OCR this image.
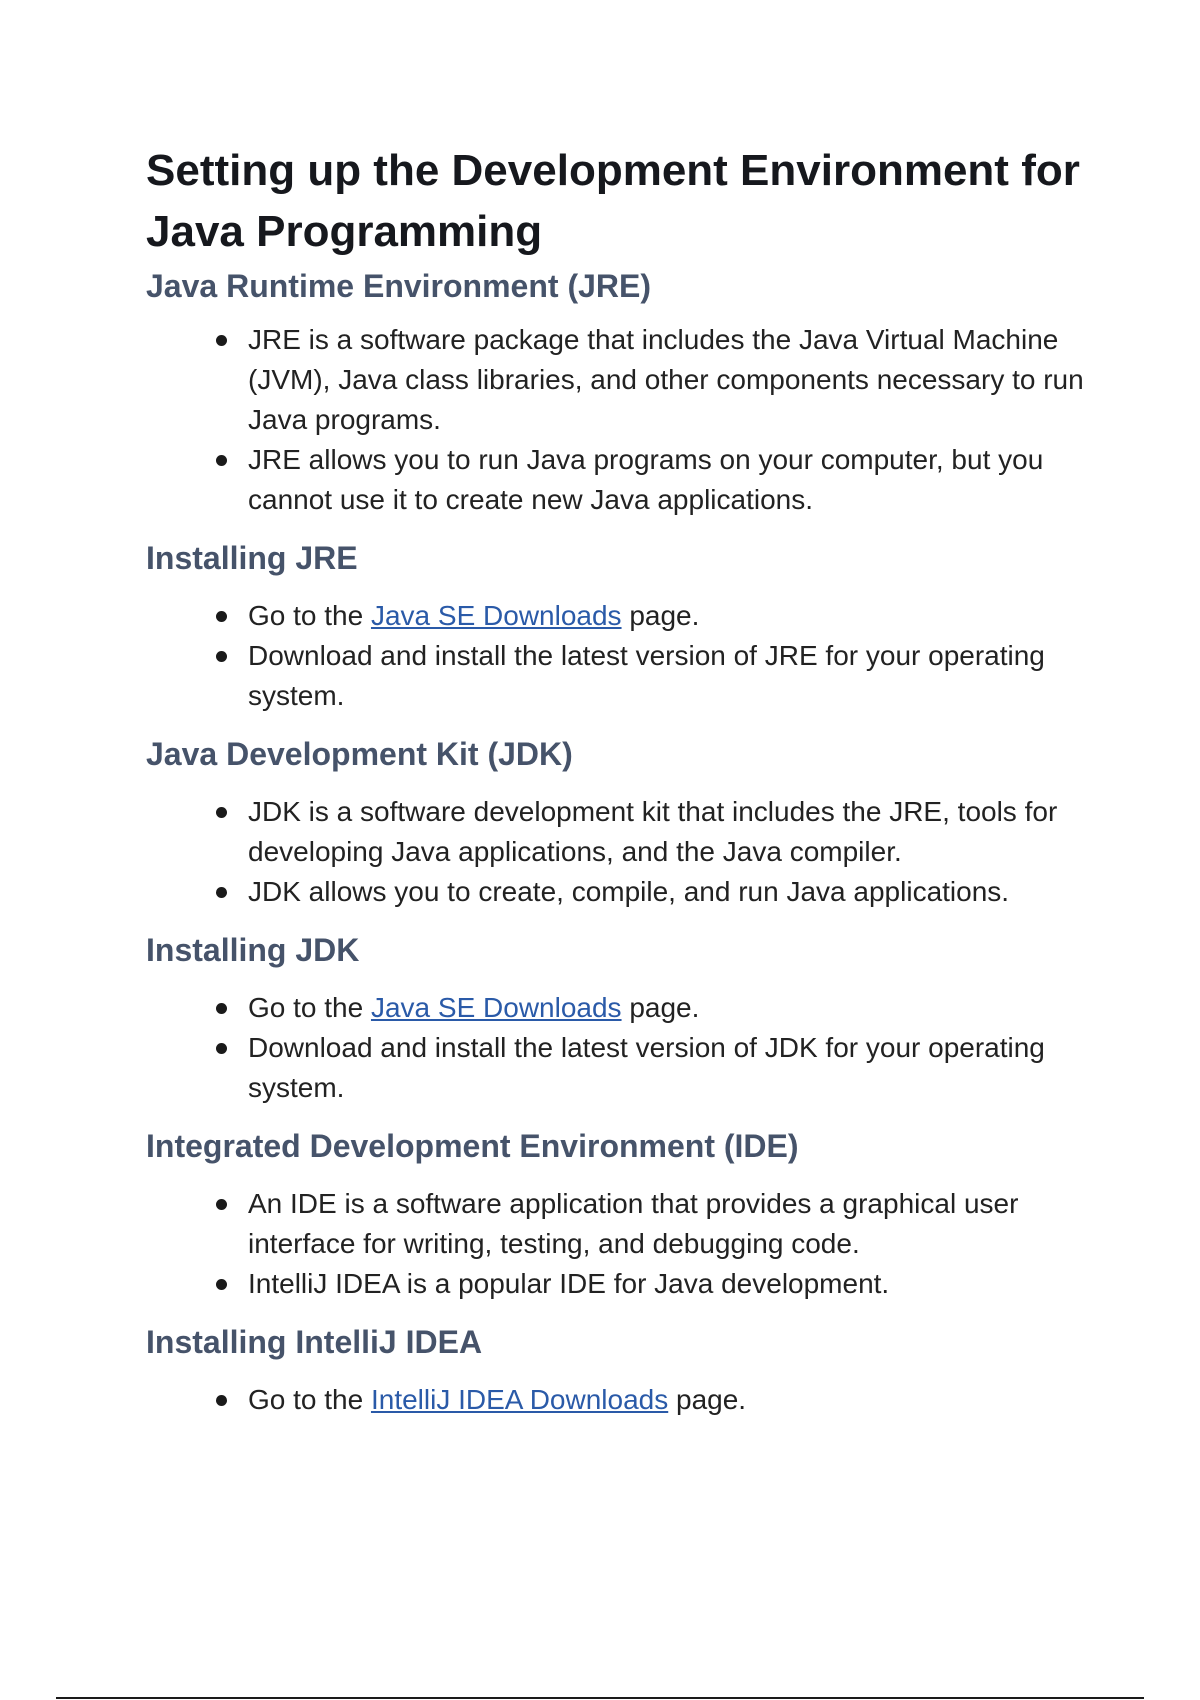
Setting up the Development Environment for Java Programming
Java Runtime Environment (JRE)
JRE is a software package that includes the Java Virtual Machine (JVM), Java class libraries, and other components necessary to run Java programs.
JRE allows you to run Java programs on your computer, but you cannot use it to create new Java applications.
Installing JRE
Go to the Java SE Downloads page.
Download and install the latest version of JRE for your operating system.
Java Development Kit (JDK)
JDK is a software development kit that includes the JRE, tools for developing Java applications, and the Java compiler.
JDK allows you to create, compile, and run Java applications.
Installing JDK
Go to the Java SE Downloads page.
Download and install the latest version of JDK for your operating system.
Integrated Development Environment (IDE)
An IDE is a software application that provides a graphical user interface for writing, testing, and debugging code.
IntelliJ IDEA is a popular IDE for Java development.
Installing IntelliJ IDEA
Go to the IntelliJ IDEA Downloads page.
